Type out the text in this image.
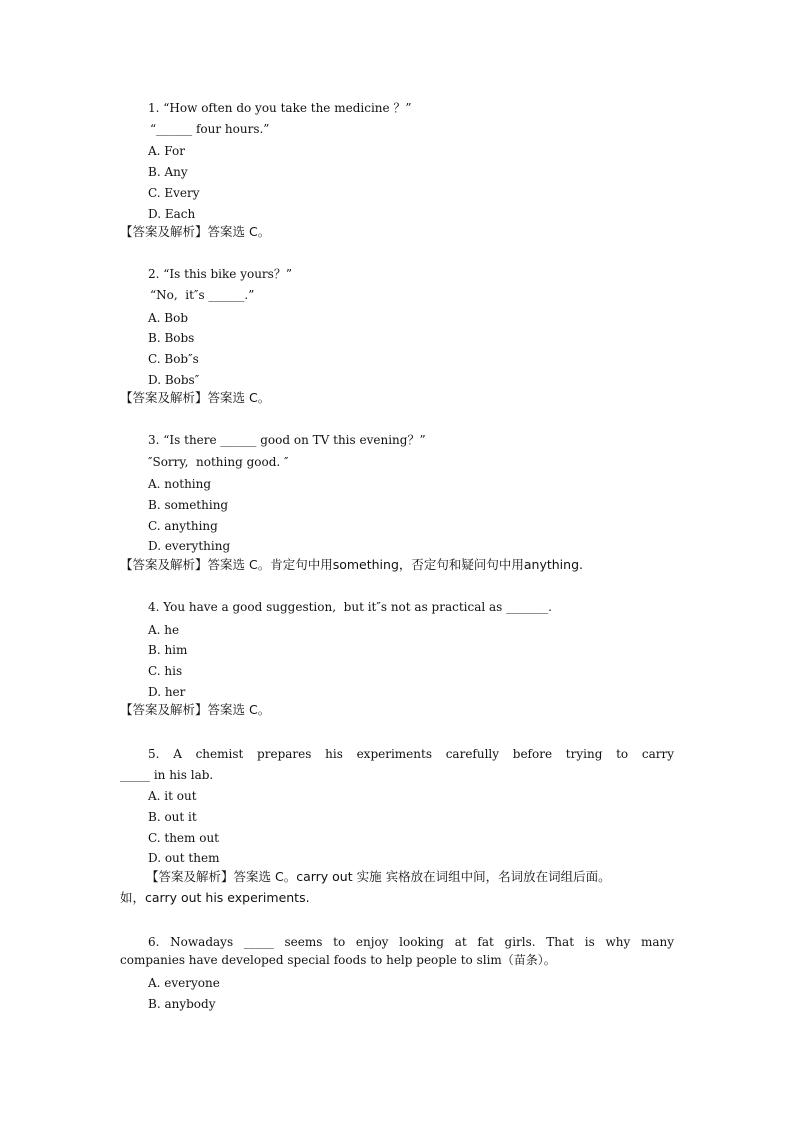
1. “How often do you take the medicine ？”
“______ four hours.”
A. For
B. Any
C. Every
D. Each
【答案及解析】答案选 C。
2. “Is this bike yours？”
“No,  it″s ______.”
A. Bob
B. Bobs
C. Bob″s
D. Bobs″
【答案及解析】答案选 C。
3. “Is there ______ good on TV this evening？”
″Sorry,  nothing good. ″
A. nothing
B. something
C. anything
D. everything
【答案及解析】答案选 C。肯定句中用something，否定句和疑问句中用anything.
4. You have a good suggestion,  but it″s not as practical as _______.
A. he
B. him
C. his
D. her
【答案及解析】答案选 C。
5. A chemist prepares his experiments carefully before trying to carry
_____ in his lab.
A. it out
B. out it
C. them out
D. out them
【答案及解析】答案选 C。carry out 实施 宾格放在词组中间，名词放在词组后面。
如，carry out his experiments.
6. Nowadays _____ seems to enjoy looking at fat girls. That is why many
companies have developed special foods to help people to slim（苗条）。
A. everyone
B. anybody
